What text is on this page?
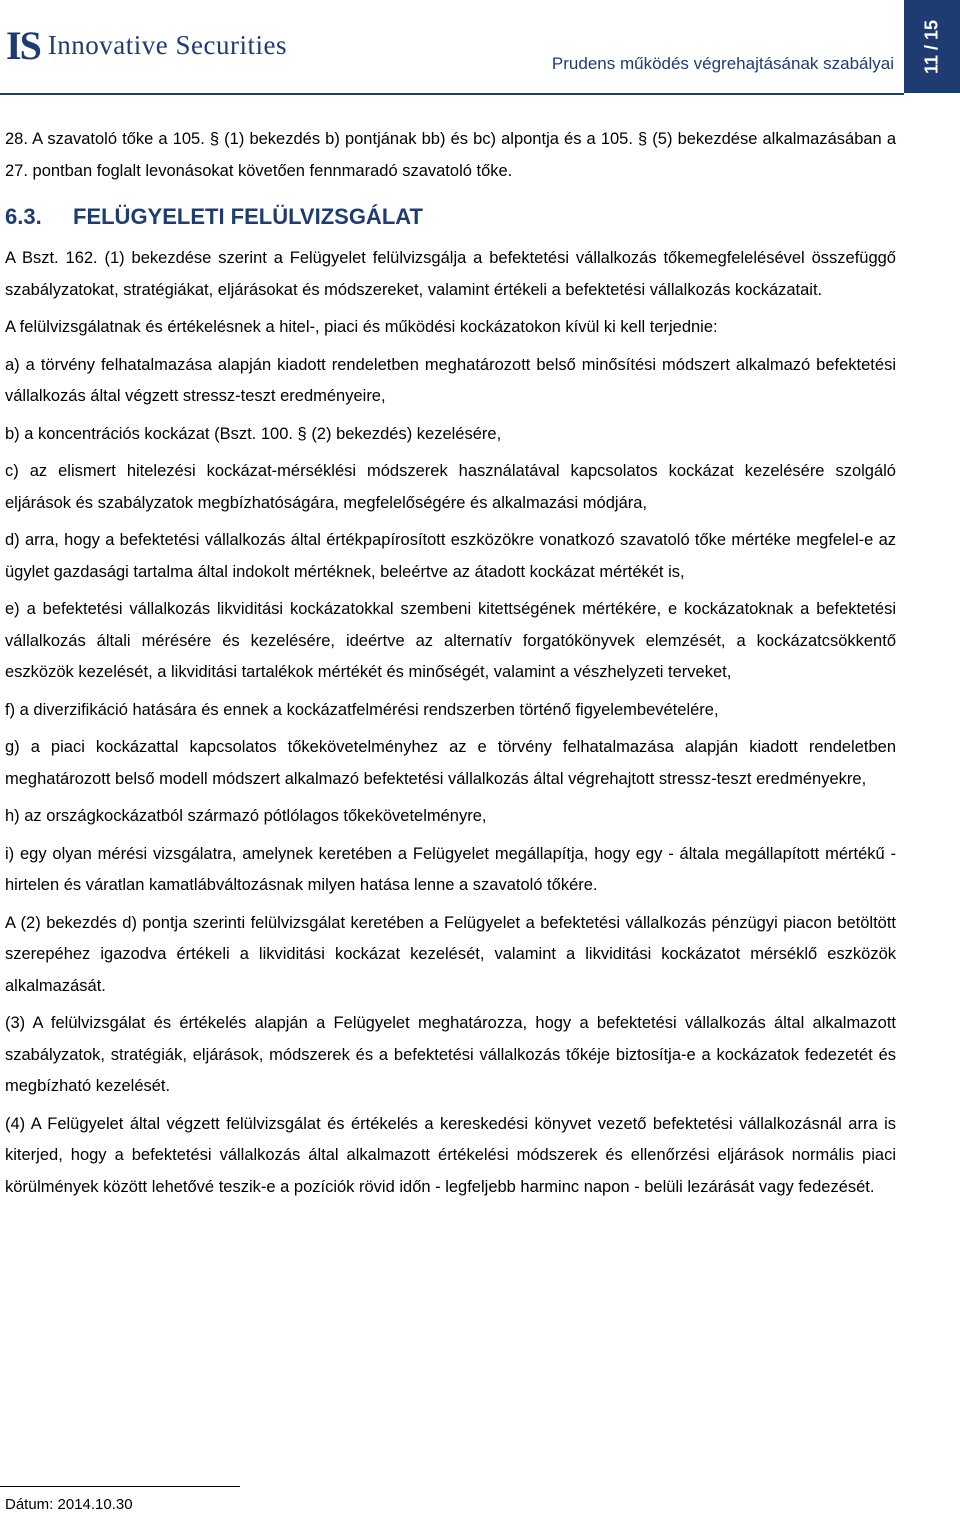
IS Innovative Securities
Prudens működés végrehajtásának szabályai 11 / 15

28. A szavatoló tőke a 105. § (1) bekezdés b) pontjának bb) és bc) alpontja és a 105. § (5) bekezdése alkalmazásában a 27. pontban foglalt levonásokat követően fennmaradó szavatoló tőke.

6.3. FELÜGYELETI FELÜLVIZSGÁLAT

A Bszt. 162. (1) bekezdése szerint a Felügyelet felülvizsgálja a befektetési vállalkozás tőkemegfelelésével összefüggő szabályzatokat, stratégiákat, eljárásokat és módszereket, valamint értékeli a befektetési vállalkozás kockázatait.

A felülvizsgálatnak és értékelésnek a hitel-, piaci és működési kockázatokon kívül ki kell terjednie:

a) a törvény felhatalmazása alapján kiadott rendeletben meghatározott belső minősítési módszert alkalmazó befektetési vállalkozás által végzett stressz-teszt eredményeire,

b) a koncentrációs kockázat (Bszt. 100. § (2) bekezdés) kezelésére,

c) az elismert hitelezési kockázat-mérséklési módszerek használatával kapcsolatos kockázat kezelésére szolgáló eljárások és szabályzatok megbízhatóságára, megfelelőségére és alkalmazási módjára,

d) arra, hogy a befektetési vállalkozás által értékpapírosított eszközökre vonatkozó szavatoló tőke mértéke megfelel-e az ügylet gazdasági tartalma által indokolt mértéknek, beleértve az átadott kockázat mértékét is,

e) a befektetési vállalkozás likviditási kockázatokkal szembeni kitettségének mértékére, e kockázatoknak a befektetési vállalkozás általi mérésére és kezelésére, ideértve az alternatív forgatókönyvek elemzését, a kockázatcsökkentő eszközök kezelését, a likviditási tartalékok mértékét és minőségét, valamint a vészhelyzeti terveket,

f) a diverzifikáció hatására és ennek a kockázatfelmérési rendszerben történő figyelembevételére,

g) a piaci kockázattal kapcsolatos tőkekövetelményhez az e törvény felhatalmazása alapján kiadott rendeletben meghatározott belső modell módszert alkalmazó befektetési vállalkozás által végrehajtott stressz-teszt eredményekre,

h) az országkockázatból származó pótlólagos tőkekövetelményre,

i) egy olyan mérési vizsgálatra, amelynek keretében a Felügyelet megállapítja, hogy egy - általa megállapított mértékű - hirtelen és váratlan kamatlábváltozásnak milyen hatása lenne a szavatoló tőkére.

A (2) bekezdés d) pontja szerinti felülvizsgálat keretében a Felügyelet a befektetési vállalkozás pénzügyi piacon betöltött szerepéhez igazodva értékeli a likviditási kockázat kezelését, valamint a likviditási kockázatot mérséklő eszközök alkalmazását.

(3) A felülvizsgálat és értékelés alapján a Felügyelet meghatározza, hogy a befektetési vállalkozás által alkalmazott szabályzatok, stratégiák, eljárások, módszerek és a befektetési vállalkozás tőkéje biztosítja-e a kockázatok fedezetét és megbízható kezelését.

(4) A Felügyelet által végzett felülvizsgálat és értékelés a kereskedési könyvet vezető befektetési vállalkozásnál arra is kiterjed, hogy a befektetési vállalkozás által alkalmazott értékelési módszerek és ellenőrzési eljárások normális piaci körülmények között lehetővé teszik-e a pozíciók rövid időn - legfeljebb harminc napon - belüli lezárását vagy fedezését.

Dátum: 2014.10.30
